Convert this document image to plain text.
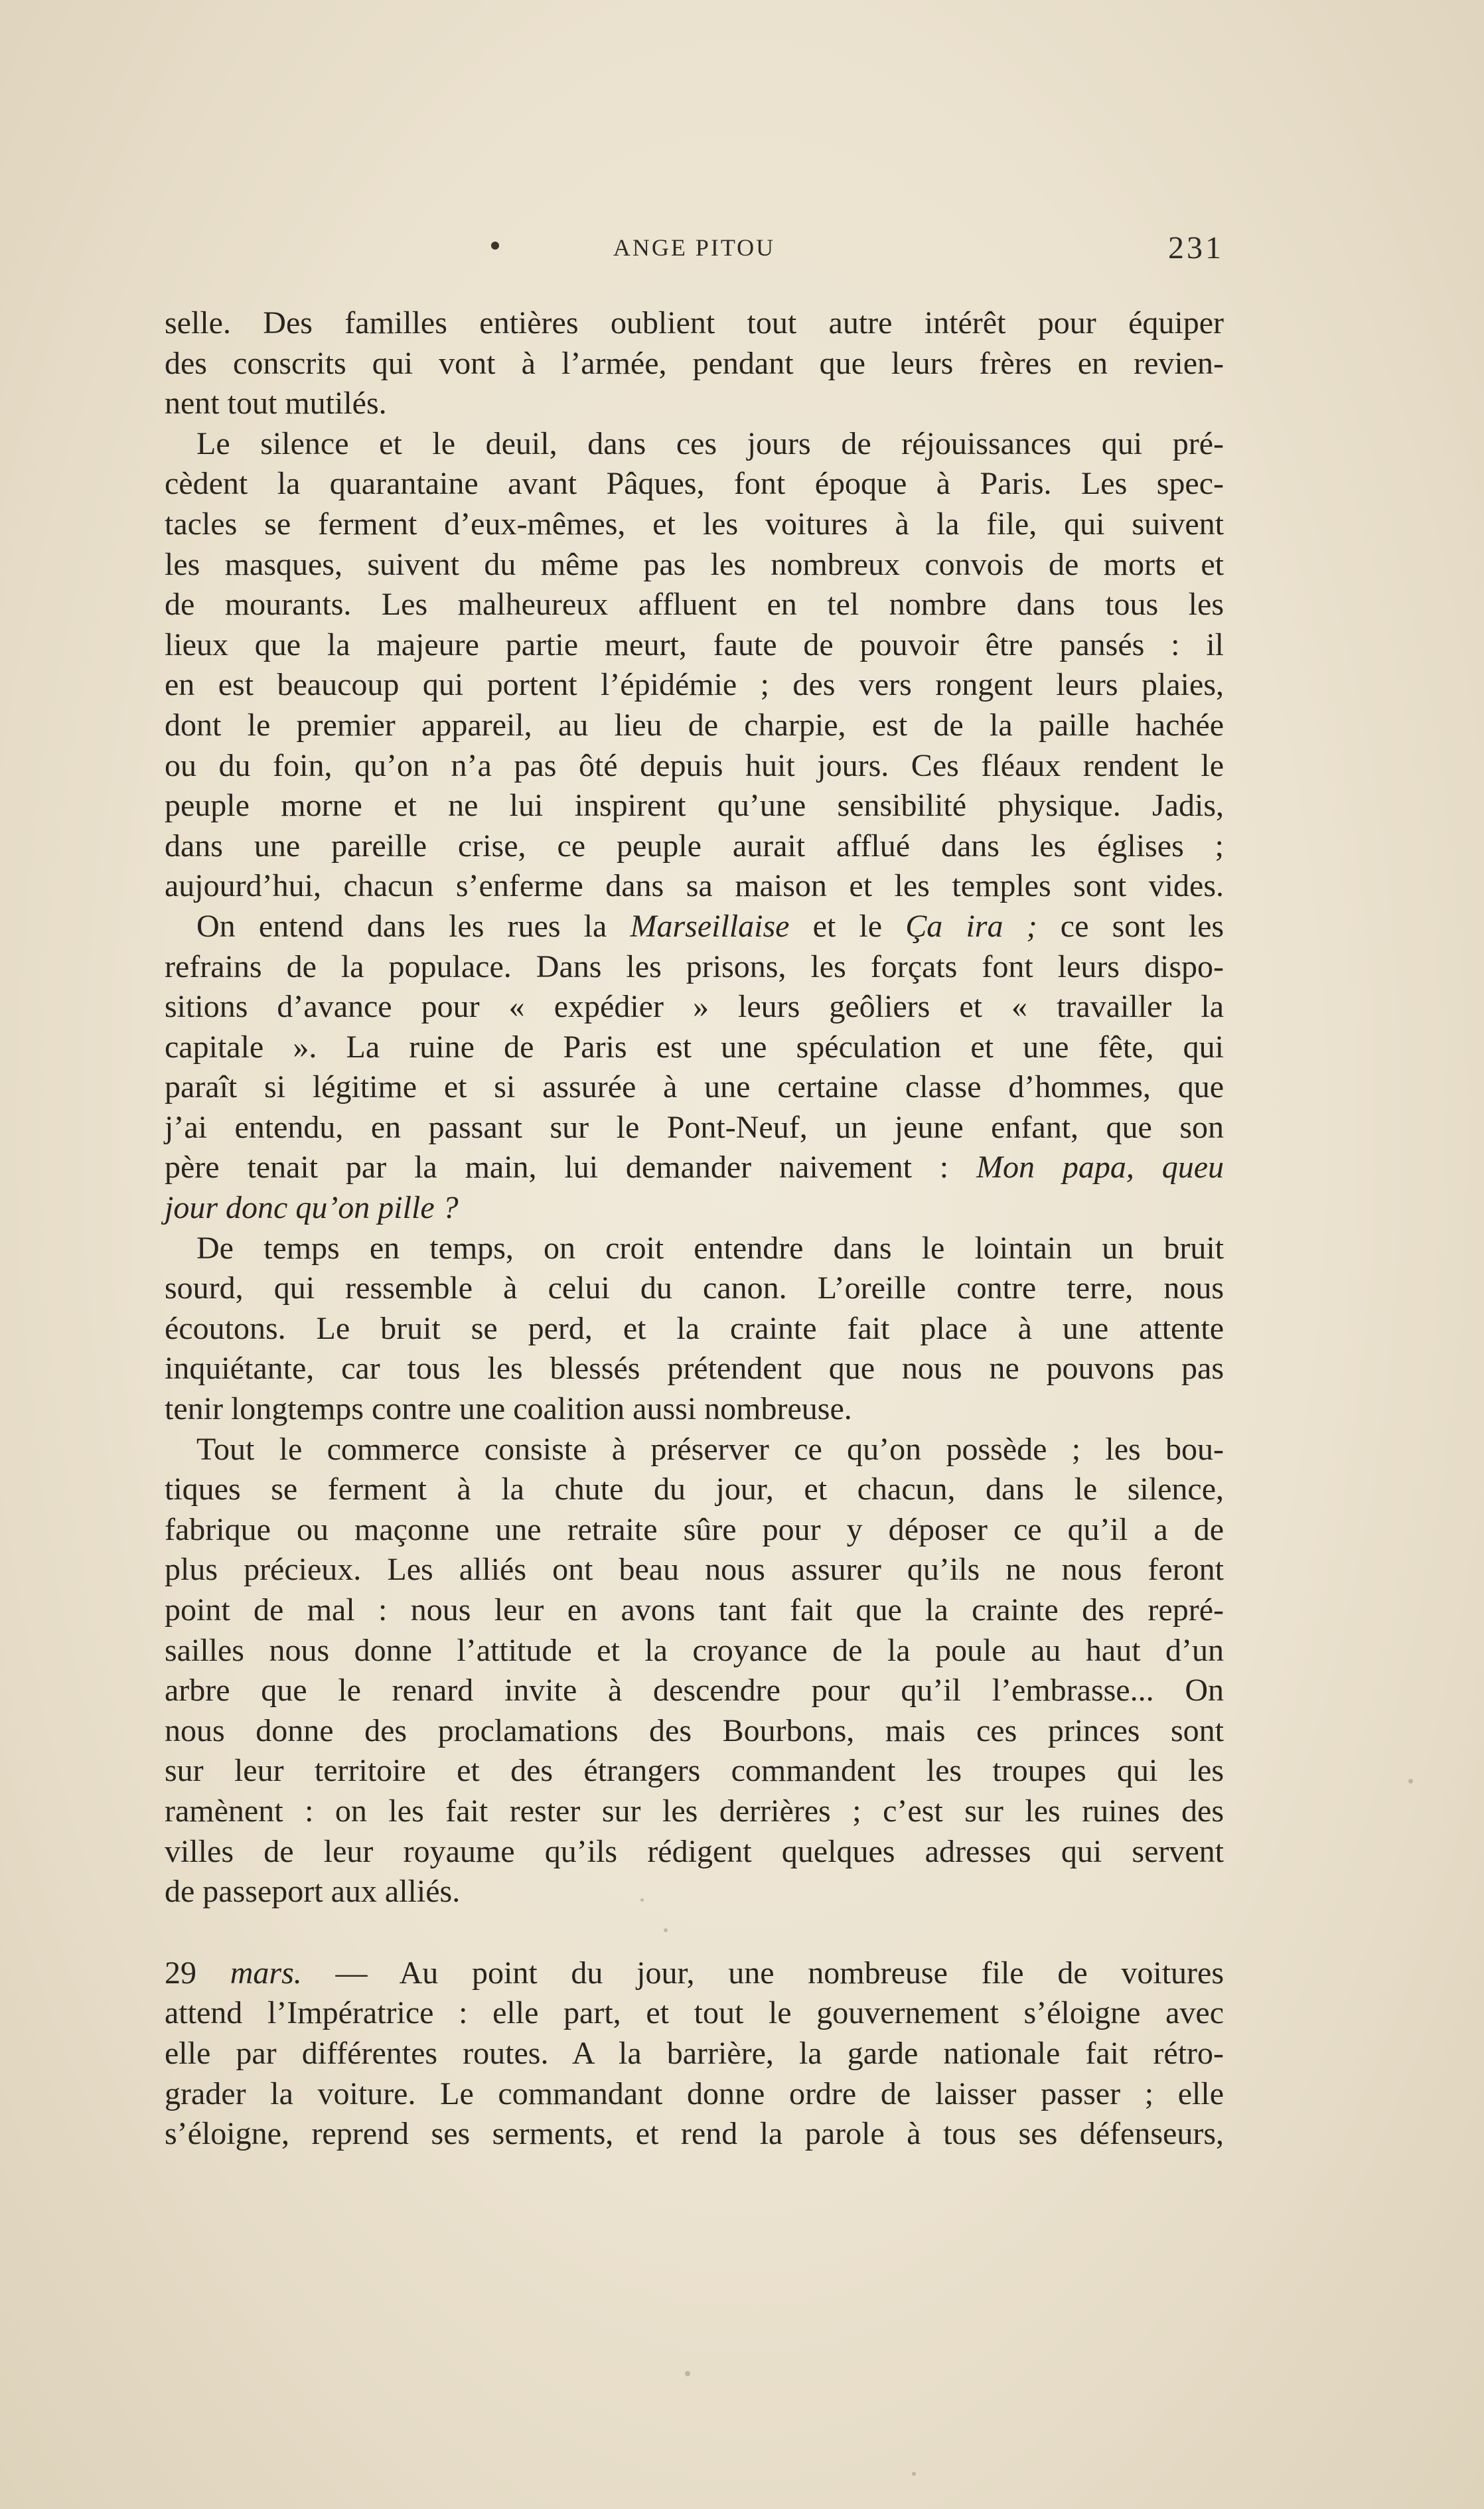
ANGE PITOU	231
selle. Des familles entières oublient tout autre intérêt pour équiper
des conscrits qui vont à l’armée, pendant que leurs frères en revien-
nent tout mutilés.
Le silence et le deuil, dans ces jours de réjouissances qui pré-
cèdent la quarantaine avant Pâques, font époque à Paris. Les spec-
tacles se ferment d’eux-mêmes, et les voitures à la file, qui suivent
les masques, suivent du même pas les nombreux convois de morts et
de mourants. Les malheureux affluent en tel nombre dans tous les
lieux que la majeure partie meurt, faute de pouvoir être pansés : il
en est beaucoup qui portent l’épidémie ; des vers rongent leurs plaies,
dont le premier appareil, au lieu de charpie, est de la paille hachée
ou du foin, qu’on n’a pas ôté depuis huit jours. Ces fléaux rendent le
peuple morne et ne lui inspirent qu’une sensibilité physique. Jadis,
dans une pareille crise, ce peuple aurait afflué dans les églises ;
aujourd’hui, chacun s’enferme dans sa maison et les temples sont vides.
On entend dans les rues la Marseillaise et le Ça ira ; ce sont les
refrains de la populace. Dans les prisons, les forçats font leurs dispo-
sitions d’avance pour « expédier » leurs geôliers et « travailler la
capitale ». La ruine de Paris est une spéculation et une fête, qui
paraît si légitime et si assurée à une certaine classe d’hommes, que
j’ai entendu, en passant sur le Pont-Neuf, un jeune enfant, que son
père tenait par la main, lui demander naivement : Mon papa, queu
jour donc qu’on pille ?
De temps en temps, on croit entendre dans le lointain un bruit
sourd, qui ressemble à celui du canon. L’oreille contre terre, nous
écoutons. Le bruit se perd, et la crainte fait place à une attente
inquiétante, car tous les blessés prétendent que nous ne pouvons pas
tenir longtemps contre une coalition aussi nombreuse.
Tout le commerce consiste à préserver ce qu’on possède ; les bou-
tiques se ferment à la chute du jour, et chacun, dans le silence,
fabrique ou maçonne une retraite sûre pour y déposer ce qu’il a de
plus précieux. Les alliés ont beau nous assurer qu’ils ne nous feront
point de mal : nous leur en avons tant fait que la crainte des repré-
sailles nous donne l’attitude et la croyance de la poule au haut d’un
arbre que le renard invite à descendre pour qu’il l’embrasse... On
nous donne des proclamations des Bourbons, mais ces princes sont
sur leur territoire et des étrangers commandent les troupes qui les
ramènent : on les fait rester sur les derrières ; c’est sur les ruines des
villes de leur royaume qu’ils rédigent quelques adresses qui servent
de passeport aux alliés.
29 mars. — Au point du jour, une nombreuse file de voitures
attend l’Impératrice : elle part, et tout le gouvernement s’éloigne avec
elle par différentes routes. A la barrière, la garde nationale fait rétro-
grader la voiture. Le commandant donne ordre de laisser passer ; elle
s’éloigne, reprend ses serments, et rend la parole à tous ses défenseurs,
